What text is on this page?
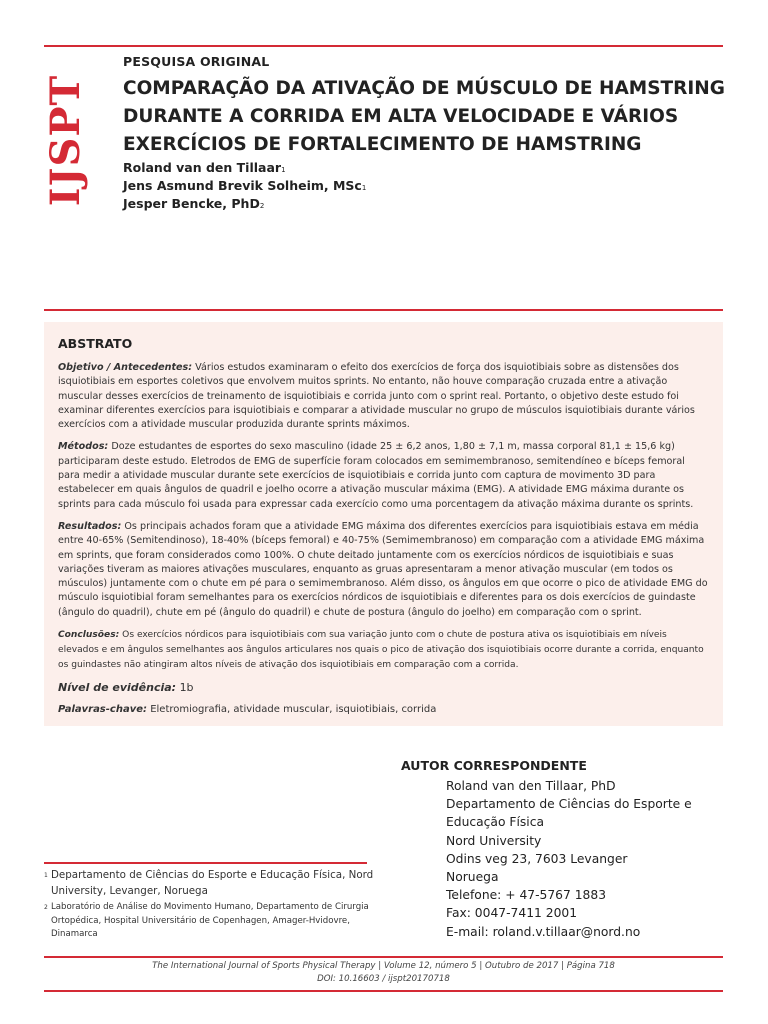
IJSPT
PESQUISA ORIGINAL
COMPARAÇÃO DA ATIVAÇÃO DE MÚSCULO DE HAMSTRING
DURANTE A CORRIDA EM ALTA VELOCIDADE E VÁRIOS
EXERCÍCIOS DE FORTALECIMENTO DE HAMSTRING
Roland van den Tillaar1
Jens Asmund Brevik Solheim, MSc1
Jesper Bencke, PhD2
ABSTRATO

Objetivo / Antecedentes: Vários estudos examinaram o efeito dos exercícios de força dos isquiotibiais sobre as distensões dos isquiotibiais em esportes coletivos que envolvem muitos sprints. No entanto, não houve comparação cruzada entre a ativação muscular desses exercícios de treinamento de isquiotibiais e corrida junto com o sprint real. Portanto, o objetivo deste estudo foi examinar diferentes exercícios para isquiotibiais e comparar a atividade muscular no grupo de músculos isquiotibiais durante vários exercícios com a atividade muscular produzida durante sprints máximos.

Métodos: Doze estudantes de esportes do sexo masculino (idade 25 ± 6,2 anos, 1,80 ± 7,1 m, massa corporal 81,1 ± 15,6 kg) participaram deste estudo. Eletrodos de EMG de superfície foram colocados em semimembranoso, semitendíneo e bíceps femoral para medir a atividade muscular durante sete exercícios de isquiotibiais e corrida junto com captura de movimento 3D para estabelecer em quais ângulos de quadril e joelho ocorre a ativação muscular máxima (EMG). A atividade EMG máxima durante os sprints para cada músculo foi usada para expressar cada exercício como uma porcentagem da ativação máxima durante os sprints.

Resultados: Os principais achados foram que a atividade EMG máxima dos diferentes exercícios para isquiotibiais estava em média entre 40-65% (Semitendinoso), 18-40% (bíceps femoral) e 40-75% (Semimembranoso) em comparação com a atividade EMG máxima em sprints, que foram considerados como 100%. O chute deitado juntamente com os exercícios nórdicos de isquiotibiais e suas variações tiveram as maiores ativações musculares, enquanto as gruas apresentaram a menor ativação muscular (em todos os músculos) juntamente com o chute em pé para o semimembranoso. Além disso, os ângulos em que ocorre o pico de atividade EMG do músculo isquiotibial foram semelhantes para os exercícios nórdicos de isquiotibiais e diferentes para os dois exercícios de guindaste (ângulo do quadril), chute em pé (ângulo do quadril) e chute de postura (ângulo do joelho) em comparação com o sprint.

Conclusões: Os exercícios nórdicos para isquiotibiais com sua variação junto com o chute de postura ativa os isquiotibiais em níveis elevados e em ângulos semelhantes aos ângulos articulares nos quais o pico de ativação dos isquiotibiais ocorre durante a corrida, enquanto os guindastes não atingiram altos níveis de ativação dos isquiotibiais em comparação com a corrida.

Nível de evidência: 1b

Palavras-chave: Eletromiografia, atividade muscular, isquiotibiais, corrida

AUTOR CORRESPONDENTE
Roland van den Tillaar, PhD
Departamento de Ciências do Esporte e
Educação Física
Nord University
Odins veg 23, 7603 Levanger
Noruega
Telefone: + 47-5767 1883
Fax: 0047-7411 2001
E-mail: roland.v.tillaar@nord.no
1 Departamento de Ciências do Esporte e Educação Física, Nord University, Levanger, Noruega
2 Laboratório de Análise do Movimento Humano, Departamento de Cirurgia Ortopédica, Hospital Universitário de Copenhagen, Amager-Hvidovre, Dinamarca
The International Journal of Sports Physical Therapy | Volume 12, número 5 | Outubro de 2017 | Página 718
DOI: 10.16603 / ijspt20170718
